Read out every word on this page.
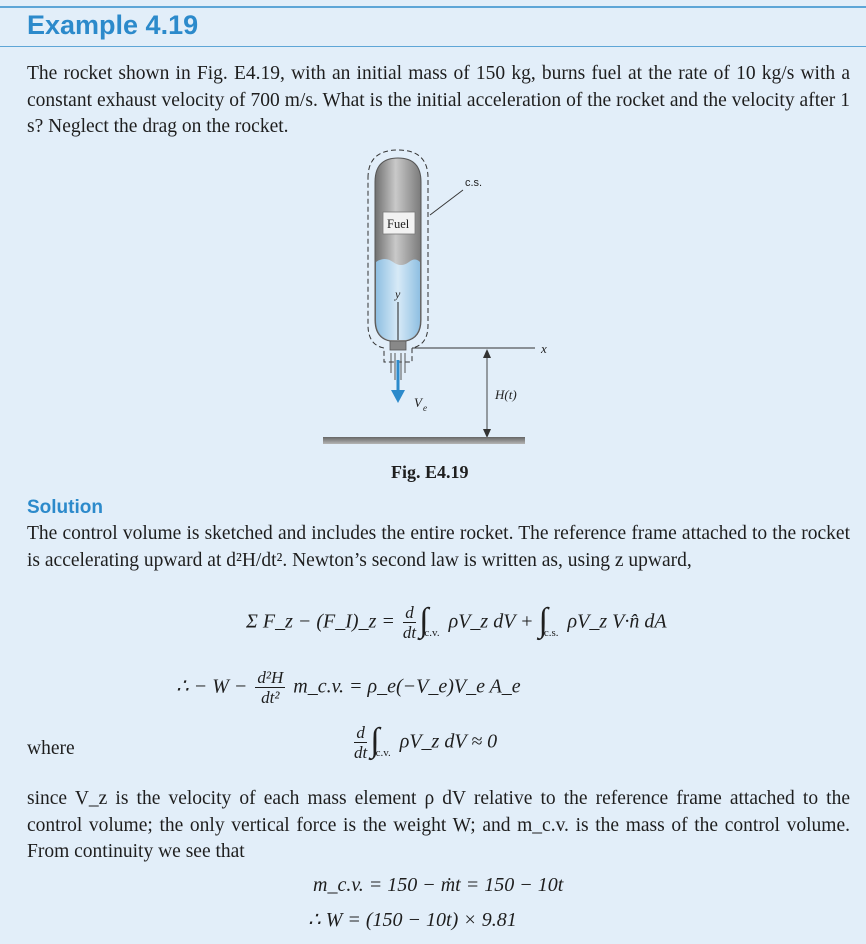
Example 4.19
The rocket shown in Fig. E4.19, with an initial mass of 150 kg, burns fuel at the rate of 10 kg/s with a constant exhaust velocity of 700 m/s. What is the initial acceleration of the rocket and the velocity after 1 s? Neglect the drag on the rocket.
c.s.
Fuel
y
x
V e
H(t)
Fig. E4.19
Solution
The control volume is sketched and includes the entire rocket. The reference frame attached to the rocket is accelerating upward at d²H/dt². Newton’s second law is written as, using z upward,
Σ F_z − (F_I)_z = $\frac{d}{dt} \int_{c.v.}$ ρV_z dV + $\int_{c.s.}$ ρV_z V·n̂ dA
∴ − $W - \frac{\text{d²H}}{\text{dt²}}$ m_c.v. = ρ_e(−V_e)V_e A_e
where	$\frac{d}{dt} \int_{c.v.}$ ρV_z dV ≈ 0
since V_z is the velocity of each mass element ρ dV relative to the reference frame attached to the control volume; the only vertical force is the weight W; and m_c.v. is the mass of the control volume. From continuity we see that
m_c.v. = 150 − ṁt = 150 − 10t
∴ W = (150 − 10t) × 9.81
